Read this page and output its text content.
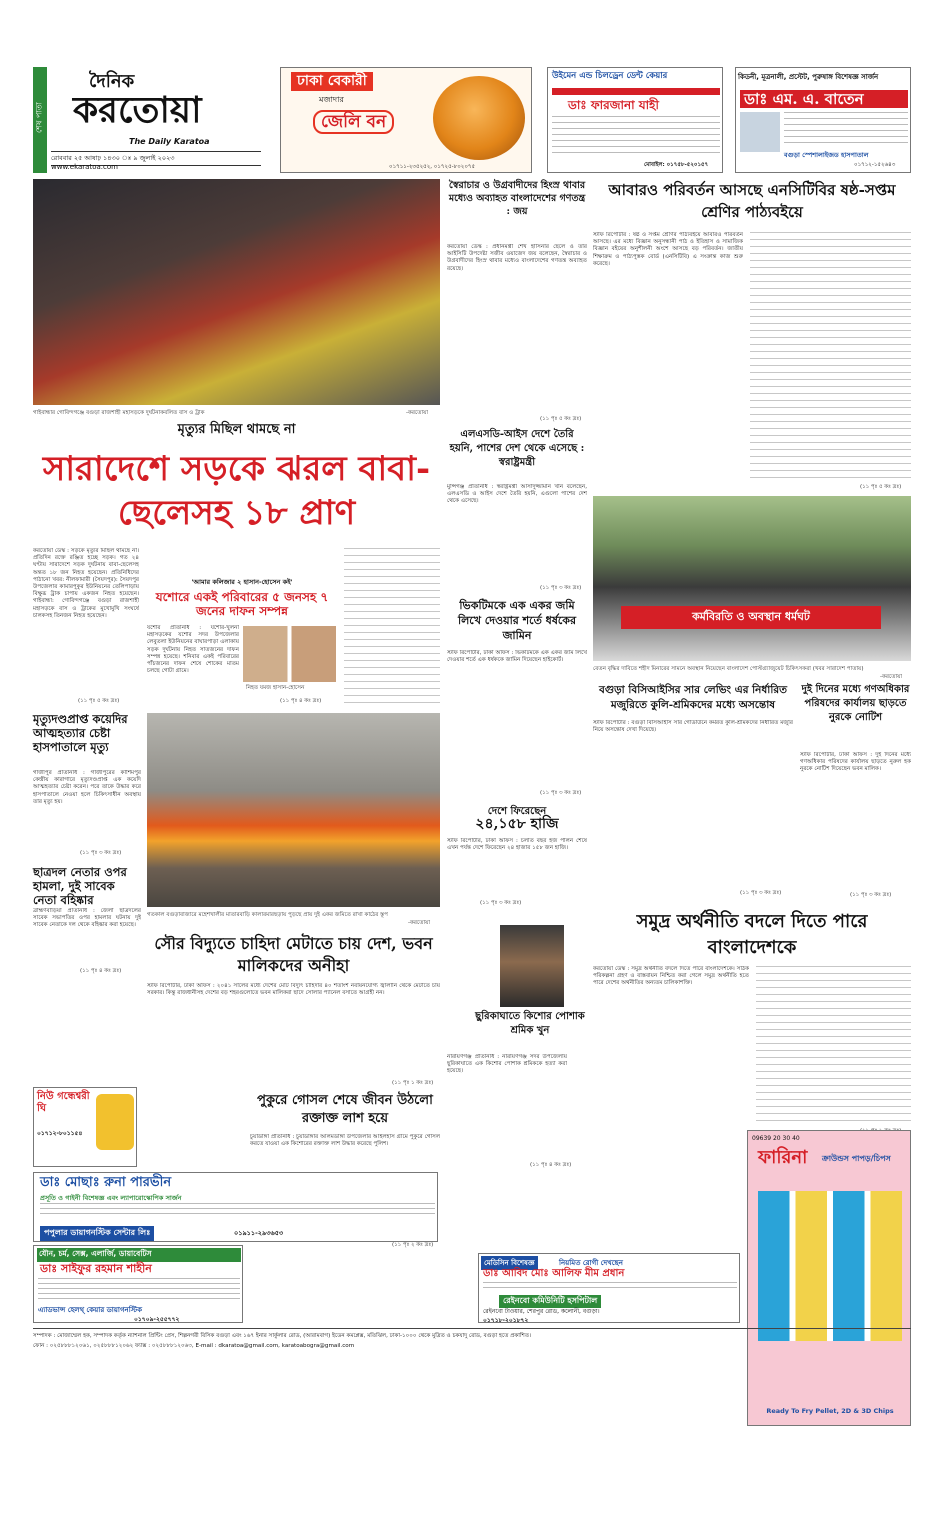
শেষ পাতা
দৈনিক
করতোয়া
The Daily Karatoa
রোববার ২৫ আষাঢ় ১৪৩০ ঃ ৯ জুলাই ২০২৩
www.ekaratoa.com
ঢাকা বেকারী
মজাদার
জেলি বন
০১৭১১-২৩৫২৫২, ০১৭২৫-৮০২০৭৫
উইমেন এন্ড চিলড্রেন ডেন্ট কেয়ার
ডাঃ ফারজানা যাহী
মোবাইল: ০১৭৫৮-৫২০১৫৭
কিডনী, মূত্রনালী, প্রস্টেট, পুরুষাঙ্গ বিশেষজ্ঞ সার্জন
ডাঃ এম. এ. বাতেন
বগুড়া স্পেশালাইজড হাসপাতাল
০১৭১২-১৫২৬৪৩
গাইবান্ধার গোবিন্দগঞ্জে বগুড়া রাজশাহী মহাসড়কে দুর্ঘটনাকবলিত বাস ও ট্রাক	-করতোয়া
মৃত্যুর মিছিল থামছে না
সারাদেশে সড়কে ঝরল বাবা-ছেলেসহ ১৮ প্রাণ
করতোয়া ডেস্ক : সড়কে মৃত্যুর মিছিল থামছে না। প্রতিদিন রক্তে রঞ্জিত হচ্ছে সড়ক। গত ২৪ ঘণ্টায় সারাদেশে সড়ক দুর্ঘটনায় বাবা-ছেলেসহ অন্তত ১৮ জন নিহত হয়েছেন। প্রতিনিধিদের পাঠানো খবর: নীলফামারী (সৈয়দপুর): সৈয়দপুর উপজেলার কামারপুকুর ইউনিয়নের তেলিপাড়ায় বিক্ষুব্ধ ট্রাক চাপায় একজন নিহত হয়েছেন। গাইবান্ধা: গোবিন্দগঞ্জে বগুড়া রাজশাহী মহাসড়কে বাস ও ট্রাকের মুখোমুখি সংঘর্ষে চালকসহ তিনজন নিহত হয়েছেন।
(১১ পৃঃ ৫ কঃ দ্রঃ)
'আমার কলিজার ২ হাসান-হোসেন কই'
যশোরে একই পরিবারের ৫ জনসহ ৭ জনের দাফন সম্পন্ন
যশোর প্রতিনিধি : যশোর-খুলনা মহাসড়কের যশোর সদর উপজেলার লেবুতলা ইউনিয়নের বাঘারপাড়া এলাকায় সড়ক দুর্ঘটনায় নিহত সাতজনের দাফন সম্পন্ন হয়েছে। শনিবার একই পরিবারের পাঁচজনের দাফন শেষে শোকের মাতম চলছে গোটা গ্রামে।
নিহত যমজ হাসান-হোসেন
(১১ পৃঃ ৪ কঃ দ্রঃ)
মৃত্যুদণ্ডপ্রাপ্ত কয়েদির আত্মহত্যার চেষ্টা হাসপাতালে মৃত্যু
গাজীপুর প্রতিনিধি : গাজীপুরের কাশিমপুর কেন্দ্রীয় কারাগারে মৃত্যুদণ্ডপ্রাপ্ত এক কয়েদি আত্মহত্যার চেষ্টা করেন। পরে তাকে উদ্ধার করে হাসপাতালে নেওয়া হলে চিকিৎসাধীন অবস্থায় তার মৃত্যু হয়।
(১১ পৃঃ ৩ কঃ দ্রঃ)
ছাত্রদল নেতার ওপর হামলা, দুই সাবেক নেতা বহিষ্কার
ব্রাহ্মণবাড়িয়া প্রতিনিধি : জেলা ছাত্রদলের সাবেক সভাপতির ওপর হামলার ঘটনায় দুই সাবেক নেতাকে দল থেকে বহিষ্কার করা হয়েছে।
(১১ পৃঃ ৪ কঃ দ্রঃ)
গতকাল বগুড়াবাজারে মহেশখালীর মাতারবাড়ি কালারমারছড়ায় পুড়ছে প্রায় দুই একর জমিতে রাখা কাঠের স্তূপ
-করতোয়া
সৌর বিদ্যুতে চাহিদা মেটাতে চায় দেশ, ভবন মালিকদের অনীহা
স্টাফ রিপোর্টার, ঢাকা অফিস : ২০৪১ সালের মধ্যে দেশের মোট বিদ্যুৎ চাহিদার ৪০ শতাংশ নবায়নযোগ্য জ্বালানি থেকে মেটাতে চায় সরকার। কিন্তু রাজধানীসহ দেশের বড় শহরগুলোতে ভবন মালিকরা ছাদে সোলার প্যানেল বসাতে আগ্রহী নন।
(১১ পৃঃ ১ কঃ দ্রঃ)
পুকুরে গোসল শেষে জীবন উঠলো রক্তাক্ত লাশ হয়ে
চুয়াডাঙ্গা প্রতিনিধি : চুয়াডাঙ্গার আলমডাঙ্গা উপজেলার আইলহাঁস গ্রামে পুকুরে গোসল করতে যাওয়া এক কিশোরের রক্তাক্ত লাশ উদ্ধার করেছে পুলিশ।
(১১ পৃঃ ২ কঃ দ্রঃ)
নিউ গন্ধেশ্বরী ঘি
০১৭১২-৮০১১৫৪
ডাঃ মোছাঃ রুনা পারভীন
প্রসূতি ও গাইনী বিশেষজ্ঞ এবং ল্যাপারোস্কোপিক সার্জন
পপুলার ডায়াগনস্টিক সেন্টার লিঃ	০১৯১১-২৯৩৬৫৩
যৌন, চর্ম, সেক্স, এলার্জি, ডায়াবেটিস
ডাঃ সাইফুর রহমান শাহীন
এ্যাডভান্স হেলথ্ কেয়ার ডায়াগনস্টিক
০১৭০৯-২৫৫৭৭২
স্বৈরাচার ও উগ্রবাদীদের হিংস্র থাবার মধ্যেও অব্যাহত বাংলাদেশের গণতন্ত্র : জয়
করতোয়া ডেস্ক : প্রধানমন্ত্রী শেখ হাসিনার ছেলে ও তার আইসিটি উপদেষ্টা সজীব ওয়াজেদ জয় বলেছেন, স্বৈরাচার ও উগ্রবাদীদের হিংস্র থাবার মধ্যেও বাংলাদেশের গণতন্ত্র অব্যাহত রয়েছে।
(১১ পৃঃ ৫ কঃ দ্রঃ)
এলএসডি-আইস দেশে তৈরি হয়নি, পাশের দেশ থেকে এসেছে : স্বরাষ্ট্রমন্ত্রী
মুন্সিগঞ্জ প্রতিনিধি : স্বরাষ্ট্রমন্ত্রী আসাদুজ্জামান খান বলেছেন, এলএসডি ও আইস দেশে তৈরি হয়নি, এগুলো পাশের দেশ থেকে এসেছে।
(১১ পৃঃ ৩ কঃ দ্রঃ)
ভিকটিমকে এক একর জমি লিখে দেওয়ার শর্তে ধর্ষকের জামিন
স্টাফ রিপোর্টার, ঢাকা অফিস : ভিকটিমকে এক একর জমি লিখে দেওয়ার শর্তে এক ধর্ষককে জামিন দিয়েছেন হাইকোর্ট।
(১১ পৃঃ ৩ কঃ দ্রঃ)
দেশে ফিরেছেন
২৪,১৫৮ হাজি
স্টাফ রিপোর্টার, ঢাকা অফিস : চলতি বছর হজ পালন শেষে এখন পর্যন্ত দেশে ফিরেছেন ২৪ হাজার ১৫৮ জন হাজি।
(১১ পৃঃ ৩ কঃ দ্রঃ)
ছুরিকাঘাতে কিশোর পোশাক শ্রমিক খুন
নারায়ণগঞ্জ প্রতিনিধি : নারায়ণগঞ্জ সদর উপজেলায় ছুরিকাঘাতে এক কিশোর পোশাক শ্রমিককে হত্যা করা হয়েছে।
(১১ পৃঃ ৪ কঃ দ্রঃ)
আবারও পরিবর্তন আসছে এনসিটিবির ষষ্ঠ-সপ্তম শ্রেণির পাঠ্যবইয়ে
স্টাফ রিপোর্টার : ষষ্ঠ ও সপ্তম শ্রেণির পাঠ্যবইয়ে আবারও পরিবর্তন আসছে। এর মধ্যে বিজ্ঞান অনুসন্ধানী পাঠ ও ইতিহাস ও সামাজিক বিজ্ঞান বইয়ের অনুশীলনী অংশে আসছে বড় পরিবর্তন। জাতীয় শিক্ষাক্রম ও পাঠ্যপুস্তক বোর্ড (এনসিটিবি) এ সংক্রান্ত কাজ শুরু করেছে।
(১১ পৃঃ ৫ কঃ দ্রঃ)
কর্মবিরতি ও অবস্থান ধর্মঘট
বেতন বৃদ্ধির দাবিতে শহীদ মিনারের সামনে অবস্থান নিয়েছেন বাংলাদেশ পোস্টগ্র্যাজুয়েট চিকিৎসকরা (খবর সারাদেশ পাতায়)
-করতোয়া
বগুড়া বিসিআইসির সার লেভিং এর নির্ধারিত মজুরিতে কুলি-শ্রমিকদের মধ্যে অসন্তোষ
স্টাফ রিপোর্টার : বগুড়া বিসিআইসি সার গোডাউনে কর্মরত কুলি-শ্রমিকদের নির্ধারিত মজুরি নিয়ে অসন্তোষ দেখা দিয়েছে।
(১১ পৃঃ ৩ কঃ দ্রঃ)
দুই দিনের মধ্যে গণঅধিকার পরিষদের কার্যালয় ছাড়তে নুরকে নোটিশ
স্টাফ রিপোর্টার, ঢাকা অফিস : দুই দিনের মধ্যে গণঅধিকার পরিষদের কার্যালয় ছাড়তে নুরুল হক নুরকে নোটিশ দিয়েছেন ভবন মালিক।
(১১ পৃঃ ৩ কঃ দ্রঃ)
সমুদ্র অর্থনীতি বদলে দিতে পারে বাংলাদেশকে
করতোয়া ডেস্ক : সমুদ্র অর্থনীতি বদলে দিতে পারে বাংলাদেশকে। সঠিক পরিকল্পনা গ্রহণ ও বাস্তবায়ন নিশ্চিত করা গেলে সমুদ্র অর্থনীতি হতে পারে দেশের অর্থনীতির অন্যতম চালিকাশক্তি।
মেডিসিন বিশেষজ্ঞ	নিয়মিত রোগী দেখছেন
ডাঃ আবিদ মোঃ আলিফ মীম প্রধান
রেইনবো কমিউনিটি হসপিটাল
রেইনবো টাওয়ার, শেরপুর রোড, কলোনী, বগুড়া।
০১৭১৮-২০১৮৭২
09639 20 30 40
ফারিনা ক্রাউন্ডস পাপড়/চিপস
Ready To Fry Pellet, 2D & 3D Chips
সম্পাদক : মোজাম্মেল হক, সম্পাদক কর্তৃক ন্যাশনাল প্রিন্টিং প্রেস, শিল্পনগরী বিসিক বগুড়া এবং ১৬৭ ইনার সার্কুলার রোড, (আরামবাগ) ইডেন কমপ্লেক্স, মতিঝিল, ঢাকা-১০০০ থেকে মুদ্রিত ও চকযাদু রোড, বগুড়া হতে প্রকাশিত।
ফোন : ০২৫৮৮৮১২০৬১, ০২৫৮৮৮১২০৬২ ফ্যাক্স : ০২৫৮৮৮১২০৬৩, E-mail : dkaratoa@gmail.com, karatoabogra@gmail.com
